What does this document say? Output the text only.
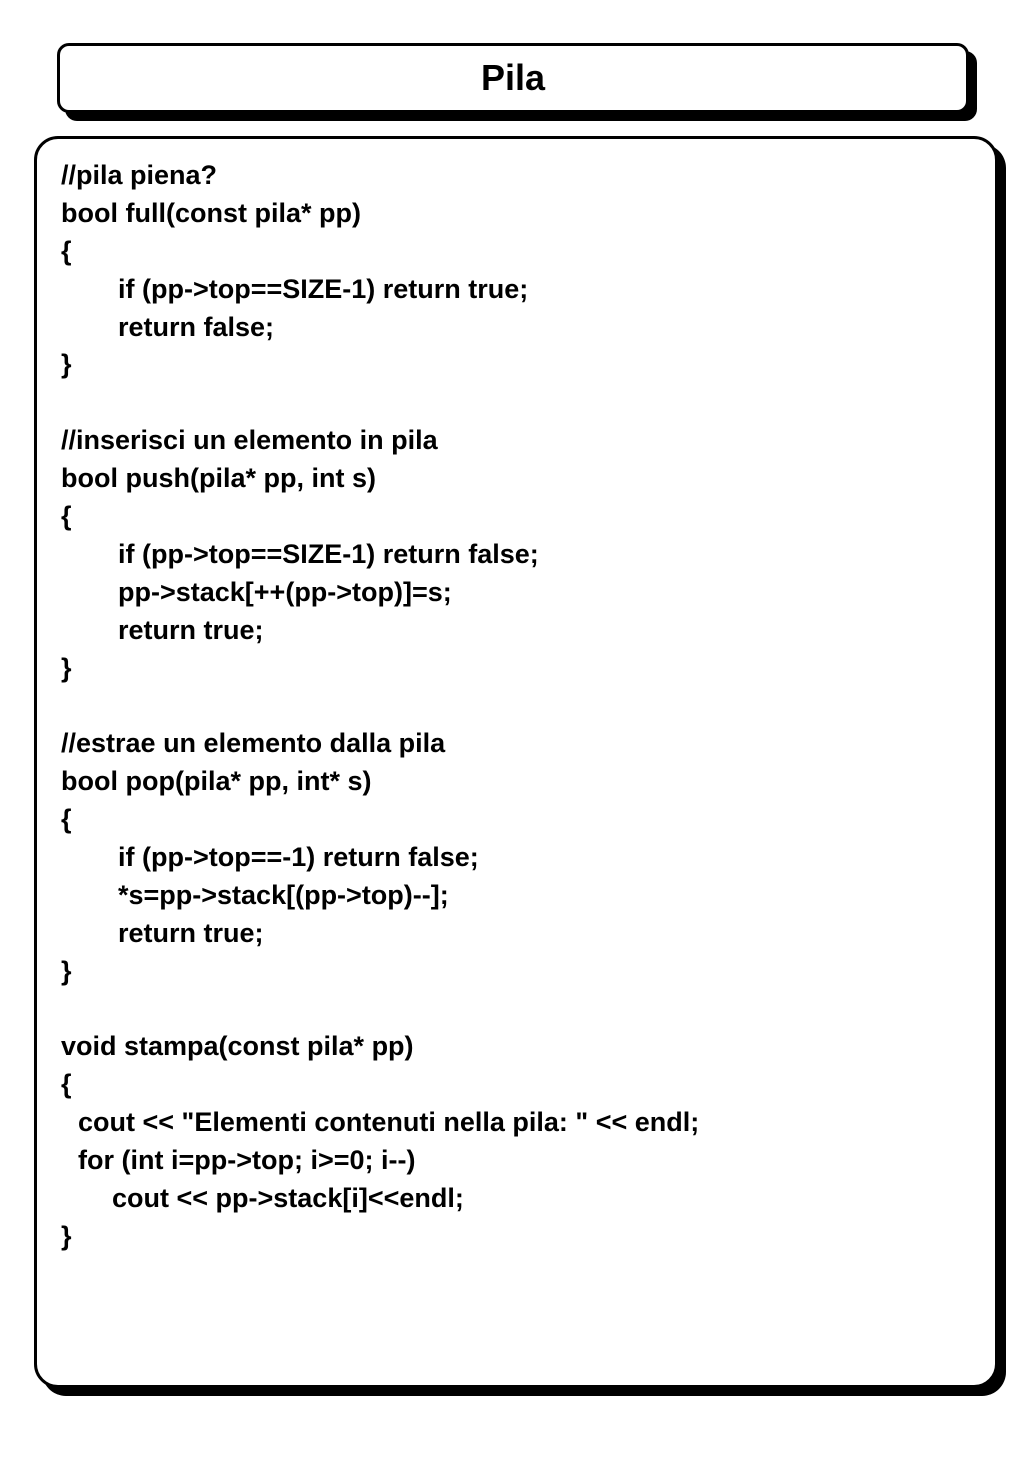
Pila
//pila piena?
bool full(const pila* pp)
{
if (pp->top==SIZE-1) return true;
return false;
}
//inserisci un elemento in pila
bool push(pila* pp, int s)
{
if (pp->top==SIZE-1) return false;
pp->stack[++(pp->top)]=s;
return true;
}
//estrae un elemento dalla pila
bool pop(pila* pp, int* s)
{
if (pp->top==-1) return false;
*s=pp->stack[(pp->top)--];
return true;
}
void stampa(const pila* pp)
{
cout << "Elementi contenuti nella pila: " << endl;
for (int i=pp->top; i>=0; i--)
cout << pp->stack[i]<<endl;
}
